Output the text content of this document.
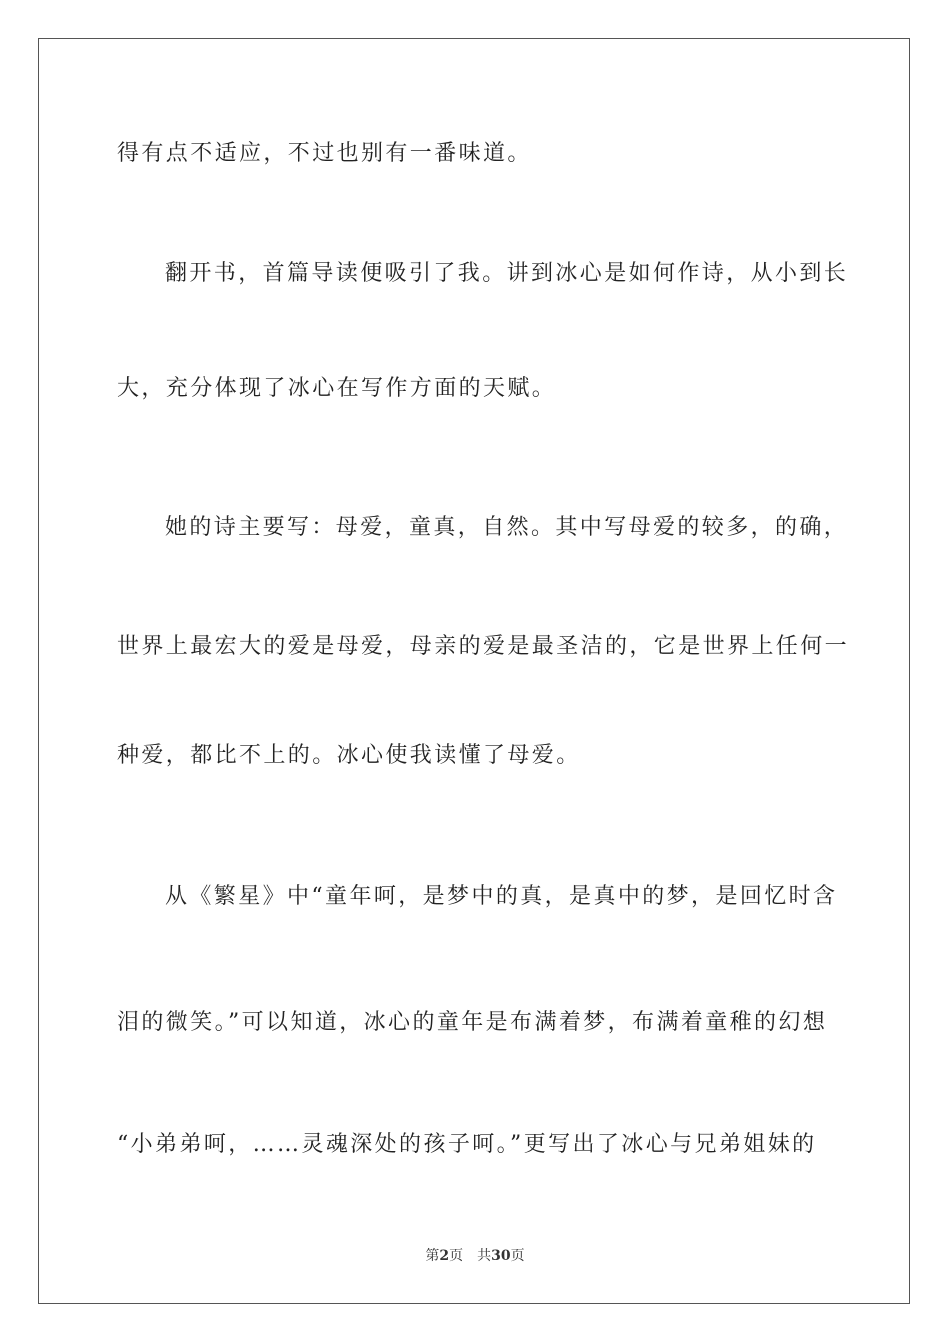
得有点不适应，不过也别有一番味道。
翻开书，首篇导读便吸引了我。讲到冰心是如何作诗，从小到长
大，充分体现了冰心在写作方面的天赋。
她的诗主要写：母爱，童真，自然。其中写母爱的较多，的确，
世界上最宏大的爱是母爱，母亲的爱是最圣洁的，它是世界上任何一
种爱，都比不上的。冰心使我读懂了母爱。
从《繁星》中“童年呵，是梦中的真，是真中的梦，是回忆时含
泪的微笑。”可以知道，冰心的童年是布满着梦，布满着童稚的幻想
“小弟弟呵，……灵魂深处的孩子呵。”更写出了冰心与兄弟姐妹的
第2页 共30页
